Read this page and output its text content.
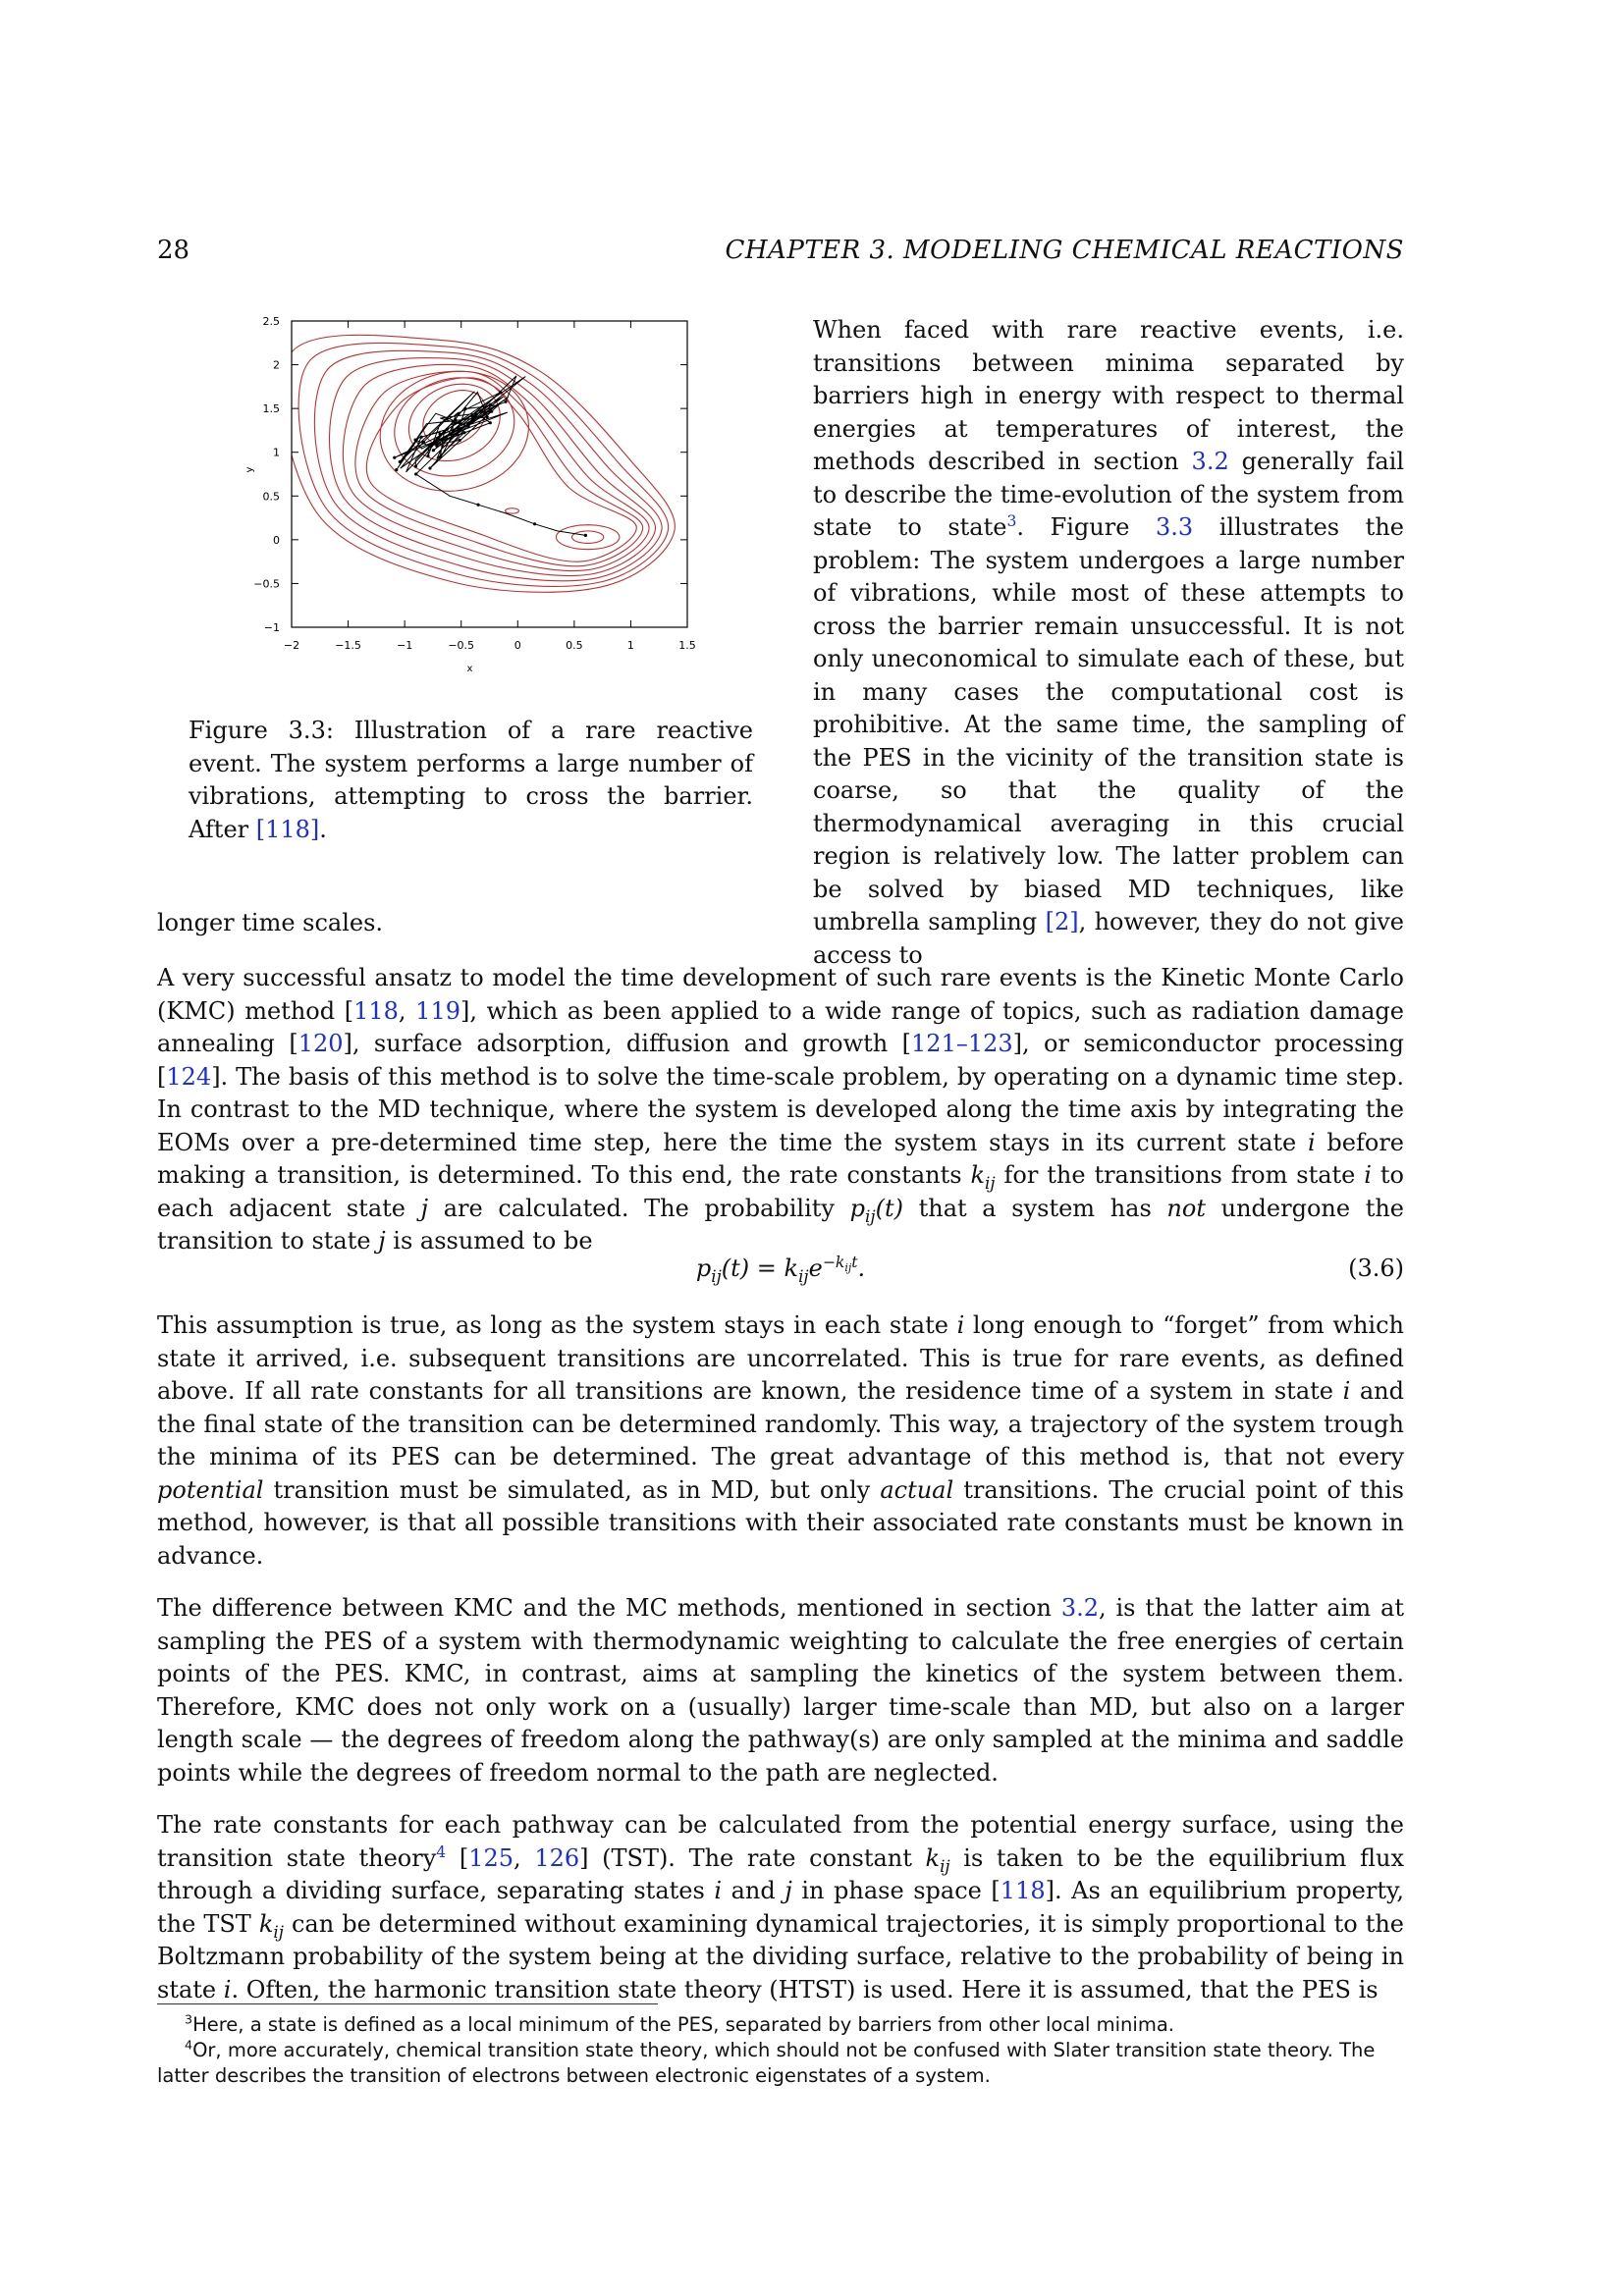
28	CHAPTER 3. MODELING CHEMICAL REACTIONS
−2	−1.5	−1	−0.5	0	0.5	1	1.5
−1
−0.5
0
0.5
1
1.5
2
2.5
x
y
Figure 3.3: Illustration of a rare reactive event. The system performs a large number of vibrations, attempting to cross the barrier. After [118].
When faced with rare reactive events, i.e. transitions between minima separated by barriers high in energy with respect to thermal energies at temperatures of interest, the methods described in section 3.2 generally fail to describe the time-evolution of the system from state to state$^3$. Figure 3.3 illustrates the problem: The system undergoes a large number of vibrations, while most of these attempts to cross the barrier remain unsuccessful. It is not only uneconomical to simulate each of these, but in many cases the computational cost is prohibitive. At the same time, the sampling of the PES in the vicinity of the transition state is coarse, so that the quality of the thermodynamical averaging in this crucial region is relatively low. The latter problem can be solved by biased MD techniques, like umbrella sampling [2], however, they do not give access to
longer time scales.

A very successful ansatz to model the time development of such rare events is the Kinetic Monte Carlo (KMC) method [118, 119], which as been applied to a wide range of topics, such as radiation damage annealing [120], surface adsorption, diffusion and growth [121–123], or semiconductor processing [124]. The basis of this method is to solve the time-scale problem, by operating on a dynamic time step. In contrast to the MD technique, where the system is developed along the time axis by integrating the EOMs over a pre-determined time step, here the time the system stays in its current state i before making a transition, is determined. To this end, the rate constants $k_{ij}$ for the transitions from state i to each adjacent state j are calculated. The probability $p_{ij}(t)$ that a system has not undergone the transition to state j is assumed to be

$p_{ij}(t) = k_{ij}e^{-k_{ij}t}$.	(3.6)

This assumption is true, as long as the system stays in each state i long enough to “forget” from which state it arrived, i.e. subsequent transitions are uncorrelated. This is true for rare events, as defined above. If all rate constants for all transitions are known, the residence time of a system in state i and the final state of the transition can be determined randomly. This way, a trajectory of the system trough the minima of its PES can be determined. The great advantage of this method is, that not every potential transition must be simulated, as in MD, but only actual transitions. The crucial point of this method, however, is that all possible transitions with their associated rate constants must be known in advance.

The difference between KMC and the MC methods, mentioned in section 3.2, is that the latter aim at sampling the PES of a system with thermodynamic weighting to calculate the free energies of certain points of the PES. KMC, in contrast, aims at sampling the kinetics of the system between them. Therefore, KMC does not only work on a (usually) larger time-scale than MD, but also on a larger length scale — the degrees of freedom along the pathway(s) are only sampled at the minima and saddle points while the degrees of freedom normal to the path are neglected.

The rate constants for each pathway can be calculated from the potential energy surface, using the transition state theory$^4$ [125, 126] (TST). The rate constant $k_{ij}$ is taken to be the equilibrium flux through a dividing surface, separating states i and j in phase space [118]. As an equilibrium property, the TST $k_{ij}$ can be determined without examining dynamical trajectories, it is simply proportional to the Boltzmann probability of the system being at the dividing surface, relative to the probability of being in state i. Often, the harmonic transition state theory (HTST) is used. Here it is assumed, that the PES is

$^3$Here, a state is defined as a local minimum of the PES, separated by barriers from other local minima.

$^4$Or, more accurately, chemical transition state theory, which should not be confused with Slater transition state theory. The latter describes the transition of electrons between electronic eigenstates of a system.
